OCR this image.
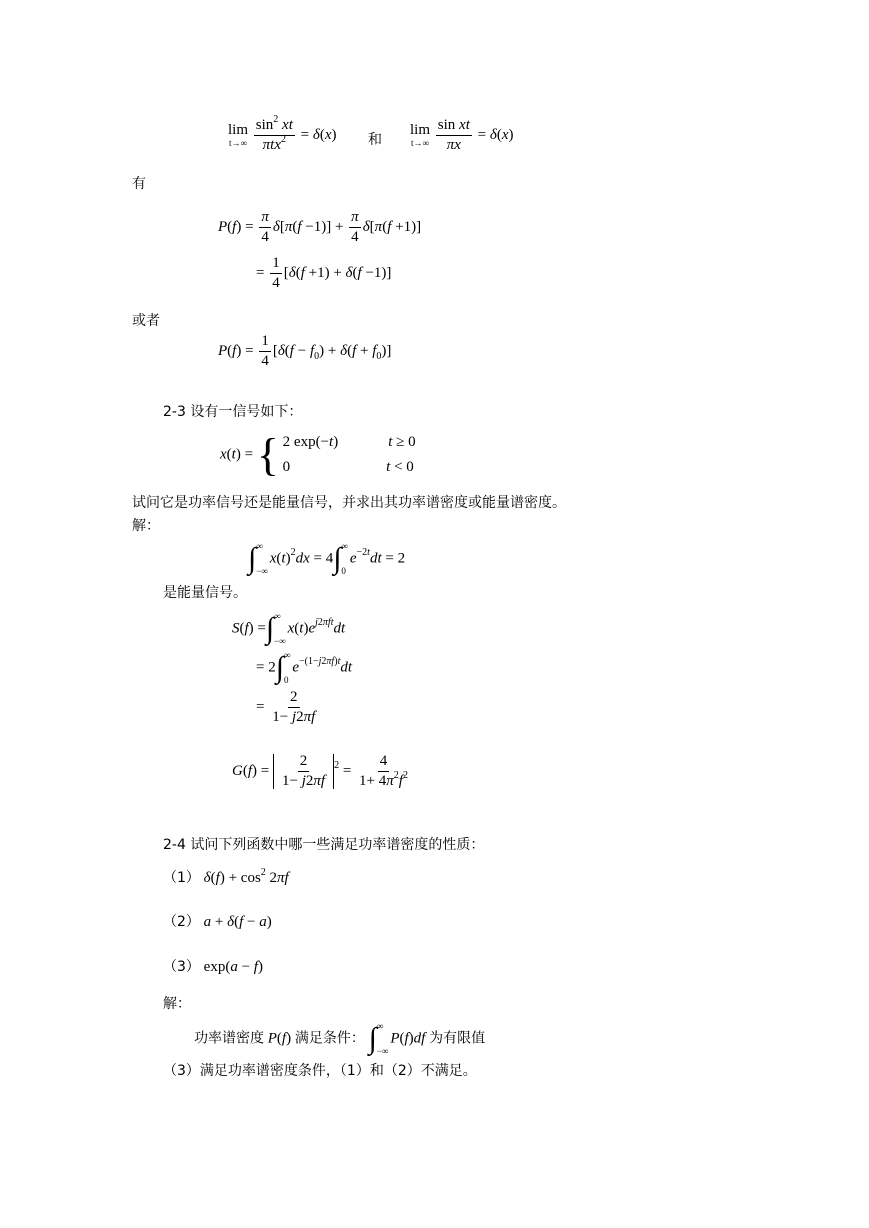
lim
t→∞
$\frac{\sin^2 xt}{\pi tx^2} = \delta(x)$ 和
lim
t→∞
$\frac{\text{sin xt}}{\pi x} = \delta(x)$
有
$P(f) = \frac{\pi}{4} \delta[\pi(f -1)] + \frac{\pi}{4} \delta[\pi(f +1)]$
= $\frac{1}{4} [\delta(f +1) + \delta(f -1)]$
或者
$P(f) = \frac{1}{4} [\delta(f - f_0) + \delta(f + f_0)]$
2-3 设有一信号如下：
x(t) = { 2 exp(−t)	t ≥ 0
0	t < 0
试问它是功率信号还是能量信号，并求出其功率谱密度或能量谱密度。
解：
∫ ∞
−∞
$x(t)^2dx = 4\int$ ∞
0
$e^{-2t}dt = 2$
是能量信号。
S(f) =∫ ∞
−∞
$x(t)e^{j2\pi ft}dt$
= 2∫ ∞
0
$e^{-(1-j2\pi f)t}dt$
= $\frac{2}{1- j2\pi f}$
$G(f) = \frac{2}{1- j2\pi f} ^2 = \frac{4}{1+ 4\pi^2f^2}$
2-4 试问下列函数中哪一些满足功率谱密度的性质：
（1） $\delta(f) + \cos^2 2\pi f$
（2） a + δ(f − a)
（3） exp(a − f)
解：
功率谱密度 P(f) 满足条件： ∫ ∞
−∞
P(f)df 为有限值
（3）满足功率谱密度条件，（1）和（2）不满足。
